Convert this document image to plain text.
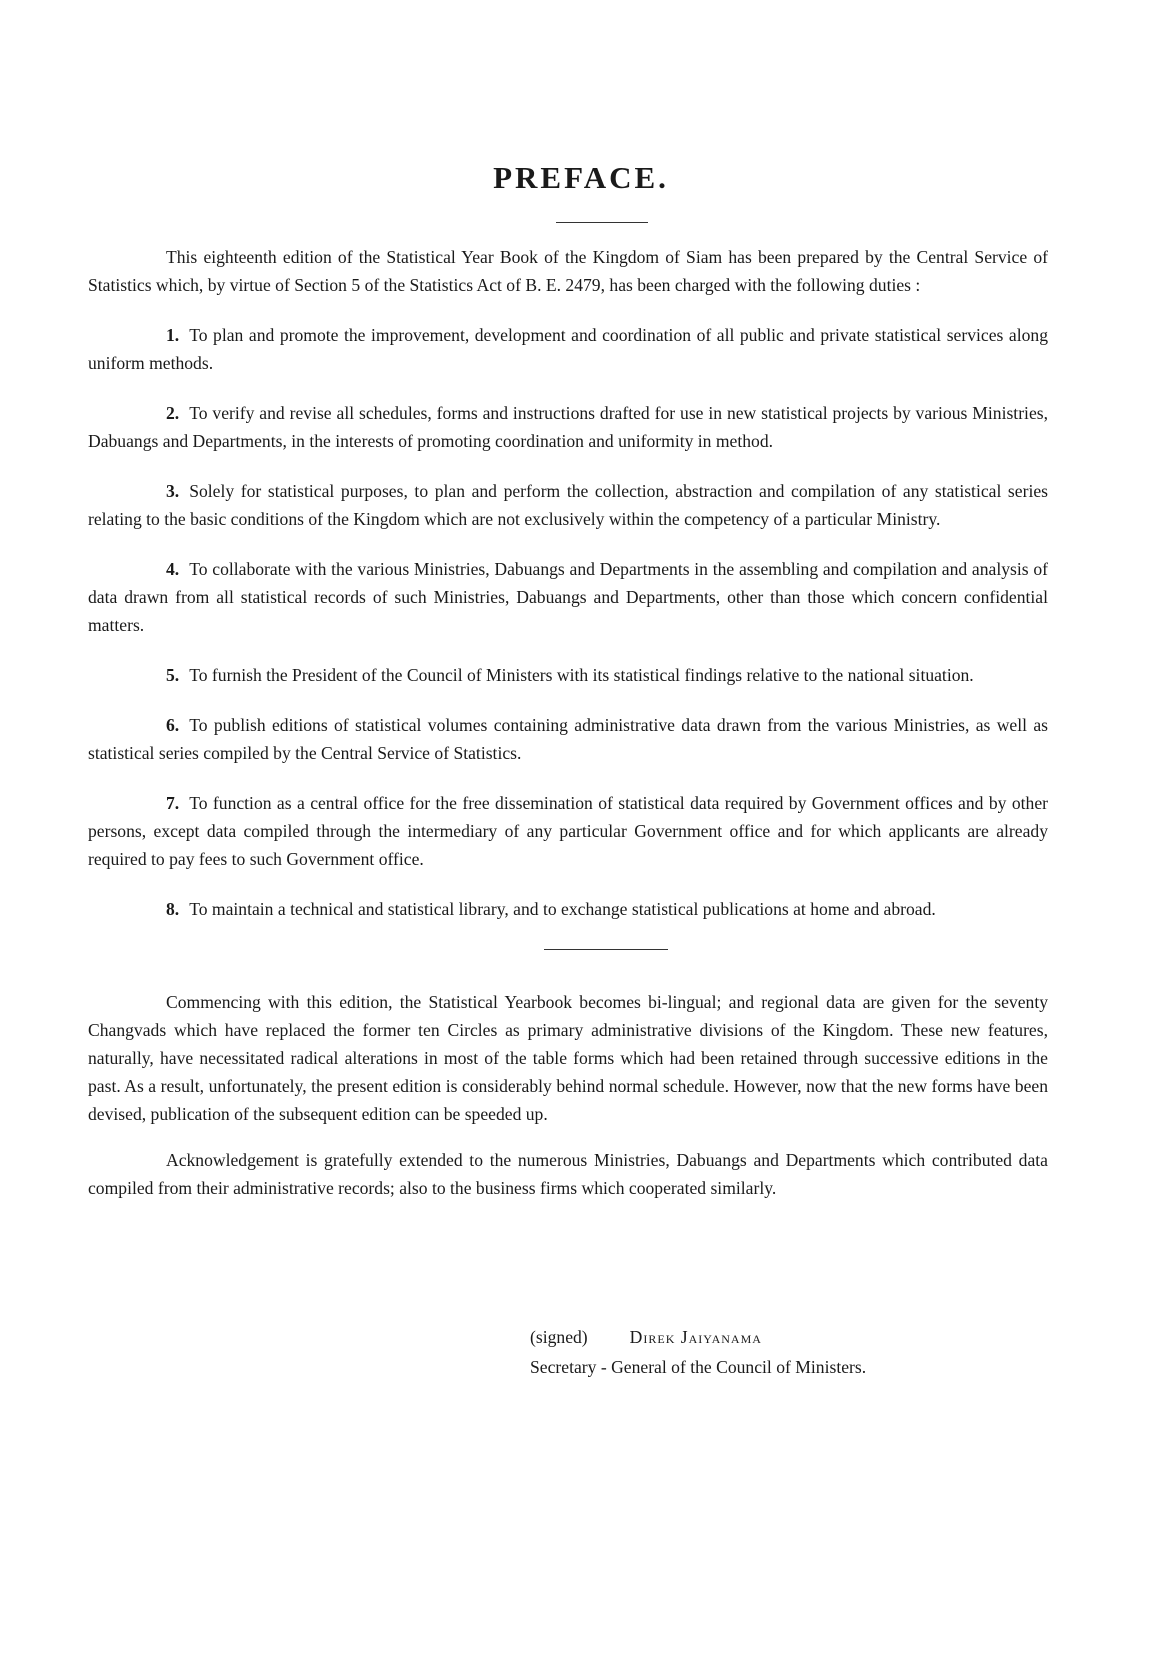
PREFACE.

This eighteenth edition of the Statistical Year Book of the Kingdom of Siam has been prepared by the Central Service of Statistics which, by virtue of Section 5 of the Statistics Act of B. E. 2479, has been charged with the following duties :

1. To plan and promote the improvement, development and coordination of all public and private statistical services along uniform methods.

2. To verify and revise all schedules, forms and instructions drafted for use in new statistical projects by various Ministries, Dabuangs and Departments, in the interests of promoting coordination and uniformity in method.

3. Solely for statistical purposes, to plan and perform the collection, abstraction and compilation of any statistical series relating to the basic conditions of the Kingdom which are not exclusively within the competency of a particular Ministry.

4. To collaborate with the various Ministries, Dabuangs and Departments in the assembling and compilation and analysis of data drawn from all statistical records of such Ministries, Dabuangs and Departments, other than those which concern confidential matters.

5. To furnish the President of the Council of Ministers with its statistical findings relative to the national situation.

6. To publish editions of statistical volumes containing administrative data drawn from the various Ministries, as well as statistical series compiled by the Central Service of Statistics.

7. To function as a central office for the free dissemination of statistical data required by Government offices and by other persons, except data compiled through the intermediary of any particular Government office and for which applicants are already required to pay fees to such Government office.

8. To maintain a technical and statistical library, and to exchange statistical publications at home and abroad.

Commencing with this edition, the Statistical Yearbook becomes bi-lingual; and regional data are given for the seventy Changvads which have replaced the former ten Circles as primary administrative divisions of the Kingdom. These new features, naturally, have necessitated radical alterations in most of the table forms which had been retained through successive editions in the past. As a result, unfortunately, the present edition is considerably behind normal schedule. However, now that the new forms have been devised, publication of the subsequent edition can be speeded up.

Acknowledgement is gratefully extended to the numerous Ministries, Dabuangs and Departments which contributed data compiled from their administrative records; also to the business firms which cooperated similarly.

(signed) Direk Jaiyanama
Secretary - General of the Council of Ministers.
